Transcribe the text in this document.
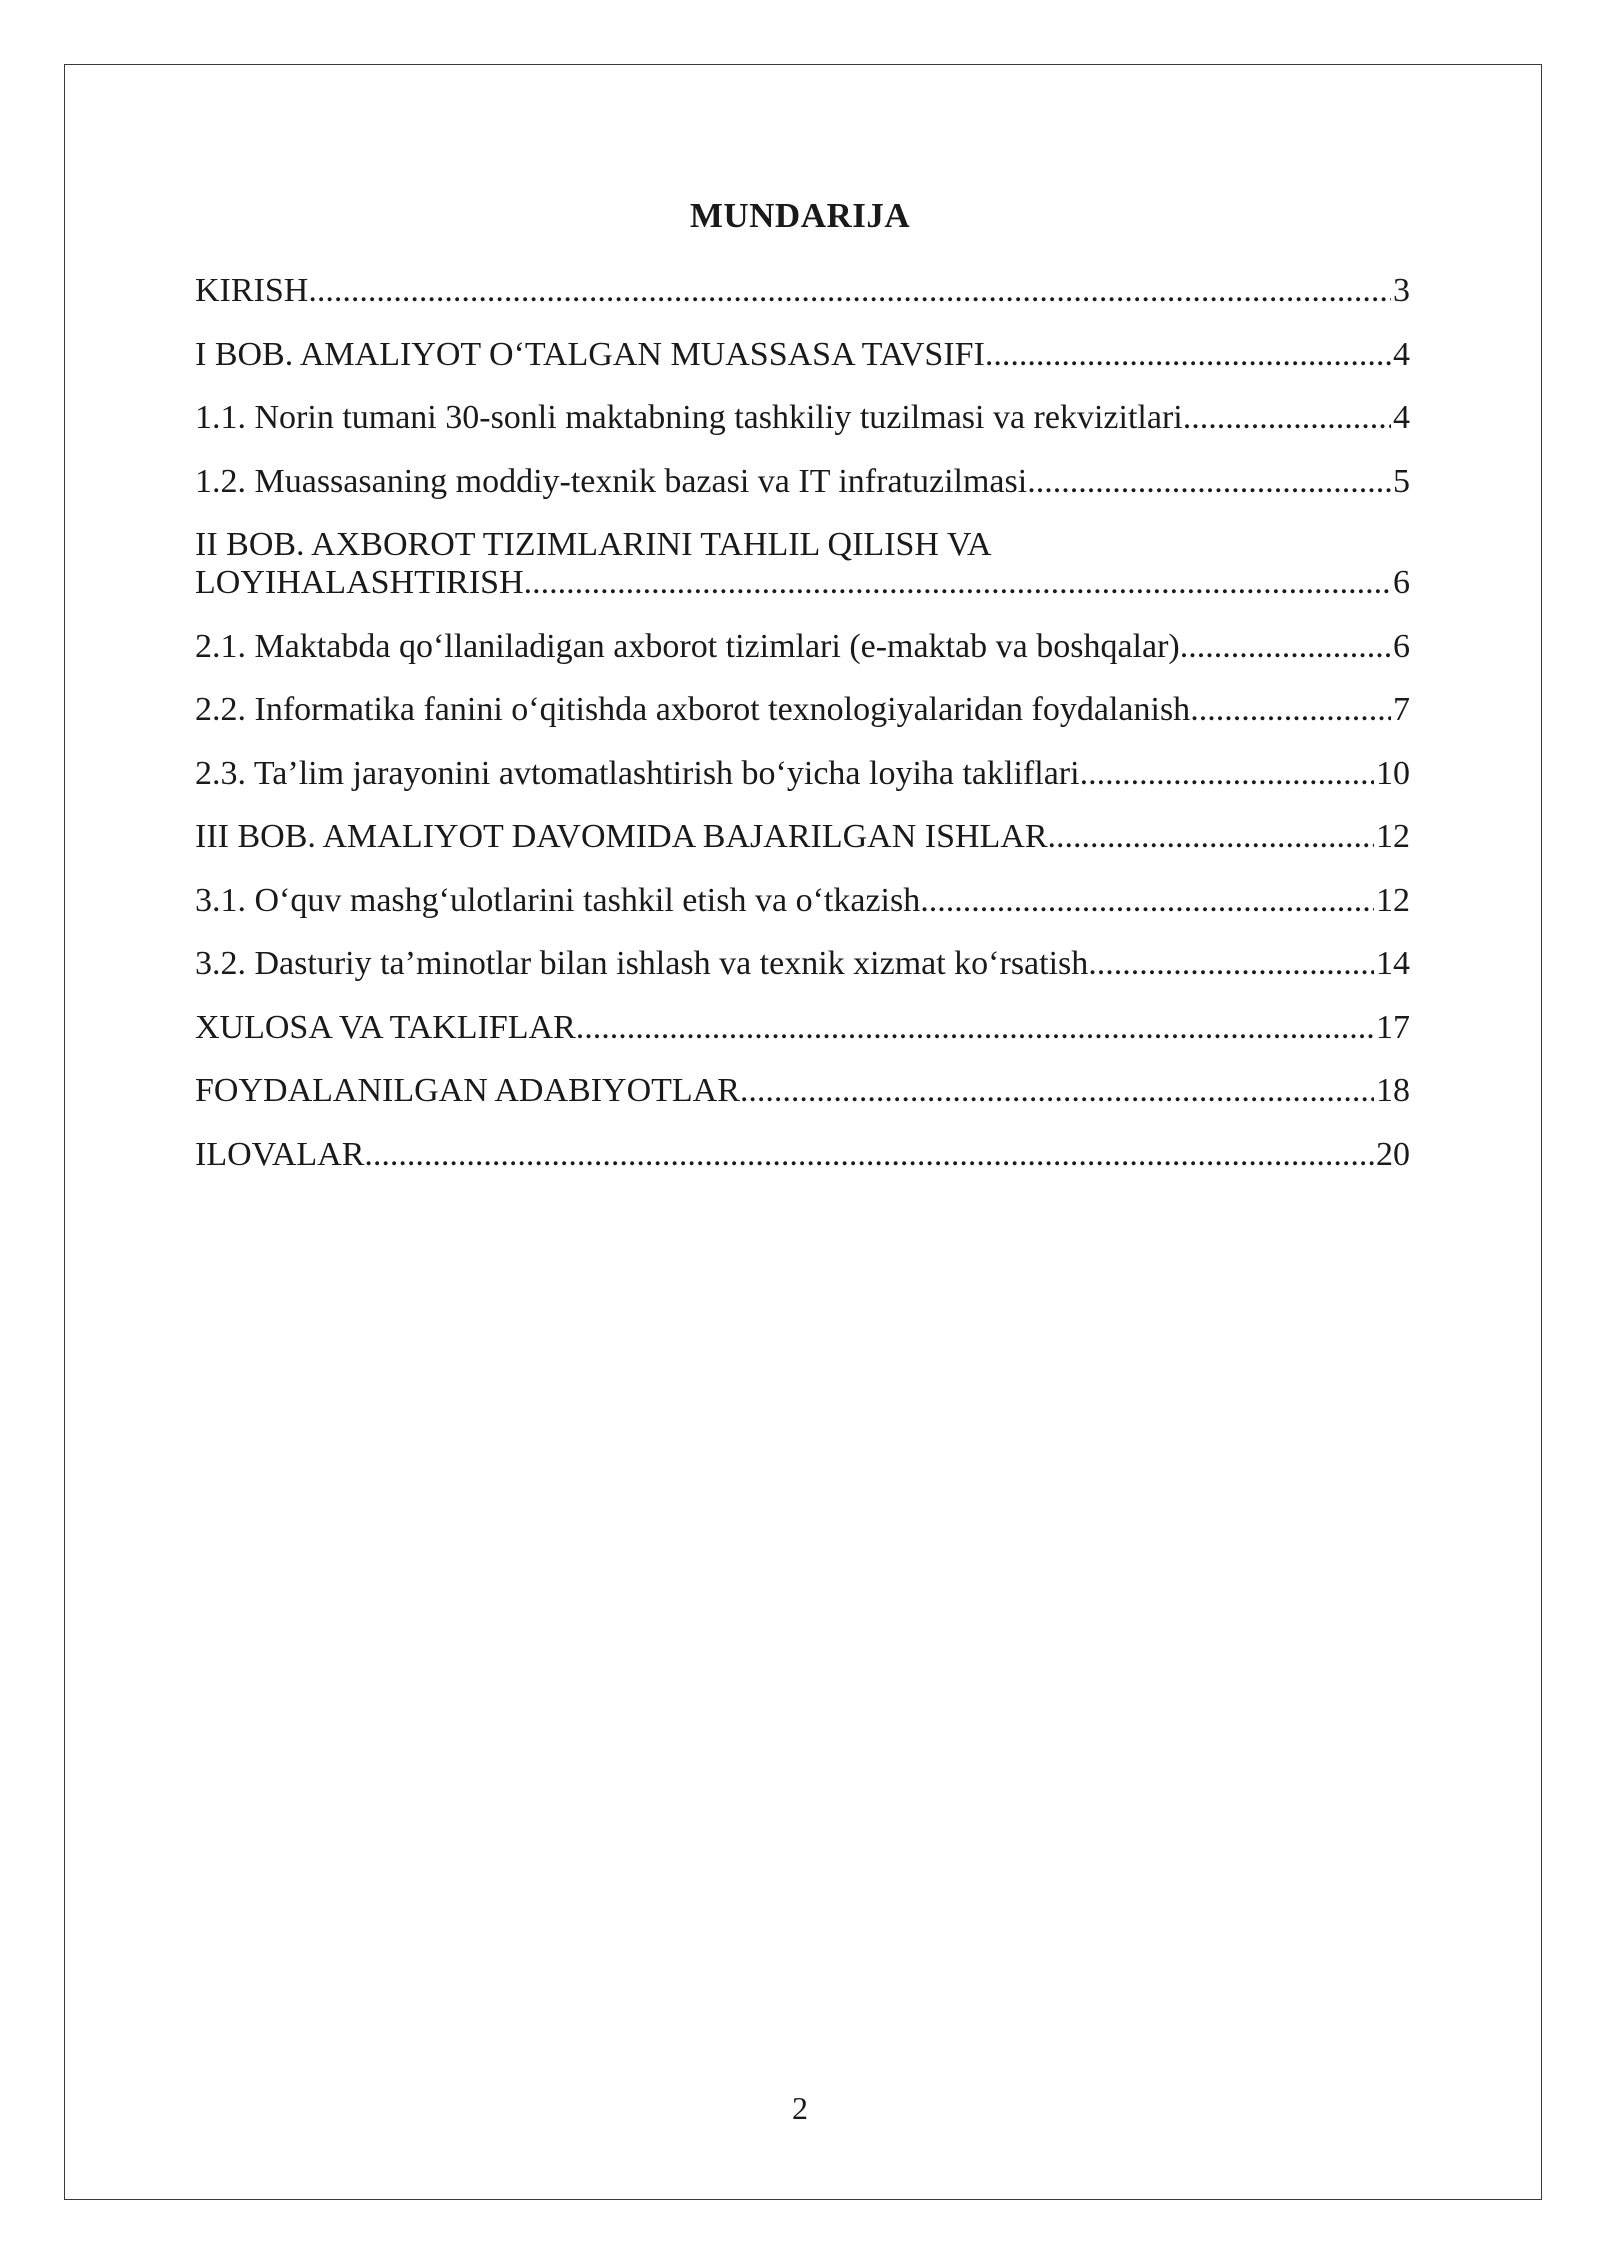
MUNDARIJA
KIRISH .....	3
I BOB. AMALIYOT O‘TALGAN MUASSASA TAVSIFI .....	4
1.1. Norin tumani 30-sonli maktabning tashkiliy tuzilmasi va rekvizitlari .....	4
1.2. Muassasaning moddiy-texnik bazasi va IT infratuzilmasi .....	5
II BOB. AXBOROT TIZIMLARINI TAHLIL QILISH VA
LOYIHALASHTIRISH .....	6
2.1. Maktabda qo‘llaniladigan axborot tizimlari (e-maktab va boshqalar) .....	6
2.2. Informatika fanini o‘qitishda axborot texnologiyalaridan foydalanish .....	7
2.3. Ta’lim jarayonini avtomatlashtirish bo‘yicha loyiha takliflari .....	10
III BOB. AMALIYOT DAVOMIDA BAJARILGAN ISHLAR .....	12
3.1. O‘quv mashg‘ulotlarini tashkil etish va o‘tkazish .....	12
3.2. Dasturiy ta’minotlar bilan ishlash va texnik xizmat ko‘rsatish .....	14
XULOSA VA TAKLIFLAR .....	17
FOYDALANILGAN ADABIYOTLAR .....	18
ILOVALAR .....	20
2
